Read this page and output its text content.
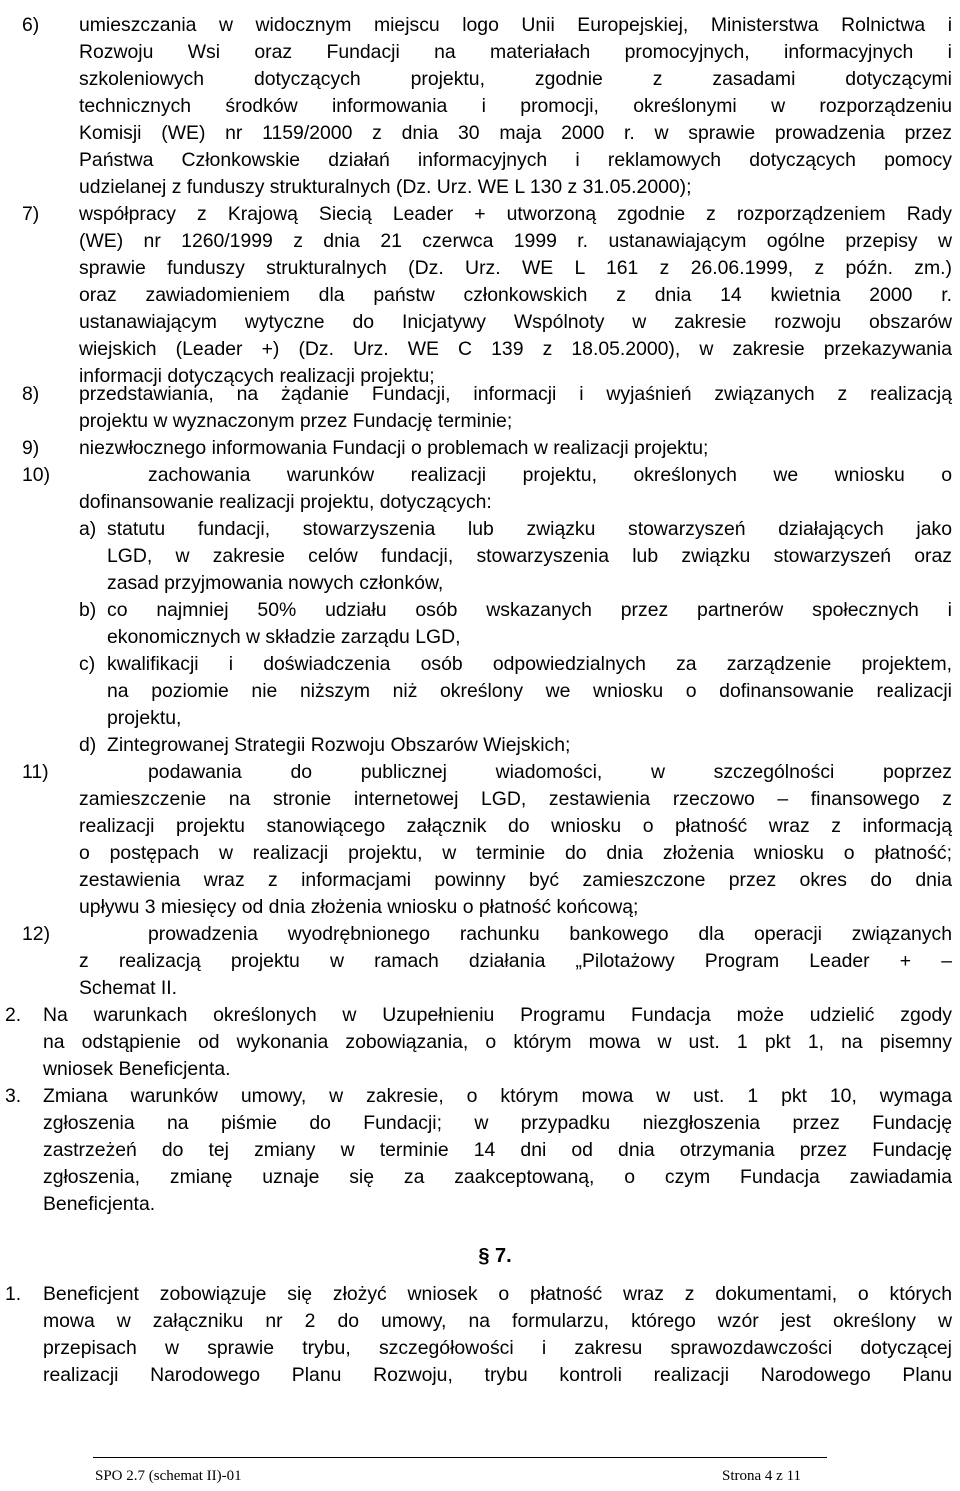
6) umieszczania w widocznym miejscu logo Unii Europejskiej, Ministerstwa Rolnictwa i
Rozwoju Wsi oraz Fundacji na materiałach promocyjnych, informacyjnych i
szkoleniowych dotyczących projektu, zgodnie z zasadami dotyczącymi
technicznych środków informowania i promocji, określonymi w rozporządzeniu
Komisji (WE) nr 1159/2000 z dnia 30 maja 2000 r. w sprawie prowadzenia przez
Państwa Członkowskie działań informacyjnych i reklamowych dotyczących pomocy
udzielanej z funduszy strukturalnych (Dz. Urz. WE L 130 z 31.05.2000);
7) współpracy z Krajową Siecią Leader + utworzoną zgodnie z rozporządzeniem Rady
(WE) nr 1260/1999 z dnia 21 czerwca 1999 r. ustanawiającym ogólne przepisy w
sprawie funduszy strukturalnych (Dz. Urz. WE L 161 z 26.06.1999, z późn. zm.)
oraz zawiadomieniem dla państw członkowskich z dnia 14 kwietnia 2000 r.
ustanawiającym wytyczne do Inicjatywy Wspólnoty w zakresie rozwoju obszarów
wiejskich (Leader +) (Dz. Urz. WE C 139 z 18.05.2000), w zakresie przekazywania
informacji dotyczących realizacji projektu;
8) przedstawiania, na żądanie Fundacji, informacji i wyjaśnień związanych z realizacją
projektu w wyznaczonym przez Fundację terminie;
9) niezwłocznego informowania Fundacji o problemach w realizacji projektu;
10)	zachowania warunków realizacji projektu, określonych we wniosku o
dofinansowanie realizacji projektu, dotyczących:
a) statutu fundacji, stowarzyszenia lub związku stowarzyszeń działających jako
LGD, w zakresie celów fundacji, stowarzyszenia lub związku stowarzyszeń oraz
zasad przyjmowania nowych członków,
b) co najmniej 50% udziału osób wskazanych przez partnerów społecznych i
ekonomicznych w składzie zarządu LGD,
c) kwalifikacji i doświadczenia osób odpowiedzialnych za zarządzenie projektem,
na poziomie nie niższym niż określony we wniosku o dofinansowanie realizacji
projektu,
d) Zintegrowanej Strategii Rozwoju Obszarów Wiejskich;
11)	podawania do publicznej wiadomości, w szczególności poprzez
zamieszczenie na stronie internetowej LGD, zestawienia rzeczowo – finansowego z
realizacji projektu stanowiącego załącznik do wniosku o płatność wraz z informacją
o postępach w realizacji projektu, w terminie do dnia złożenia wniosku o płatność;
zestawienia wraz z informacjami powinny być zamieszczone przez okres do dnia
upływu 3 miesięcy od dnia złożenia wniosku o płatność końcową;
12)	prowadzenia wyodrębnionego rachunku bankowego dla operacji związanych
z realizacją projektu w ramach działania „Pilotażowy Program Leader + –
Schemat II.
2. Na warunkach określonych w Uzupełnieniu Programu Fundacja może udzielić zgody
na odstąpienie od wykonania zobowiązania, o którym mowa w ust. 1 pkt 1, na pisemny
wniosek Beneficjenta.
3. Zmiana warunków umowy, w zakresie, o którym mowa w ust. 1 pkt 10, wymaga
zgłoszenia na piśmie do Fundacji; w przypadku niezgłoszenia przez Fundację
zastrzeżeń do tej zmiany w terminie 14 dni od dnia otrzymania przez Fundację
zgłoszenia, zmianę uznaje się za zaakceptowaną, o czym Fundacja zawiadamia
Beneficjenta.
1. Beneficjent zobowiązuje się złożyć wniosek o płatność wraz z dokumentami, o których
mowa w załączniku nr 2 do umowy, na formularzu, którego wzór jest określony w
przepisach w sprawie trybu, szczegółowości i zakresu sprawozdawczości dotyczącej
realizacji Narodowego Planu Rozwoju, trybu kontroli realizacji Narodowego Planu
§ 7.
SPO 2.7 (schemat II)-01	Strona 4 z 11
